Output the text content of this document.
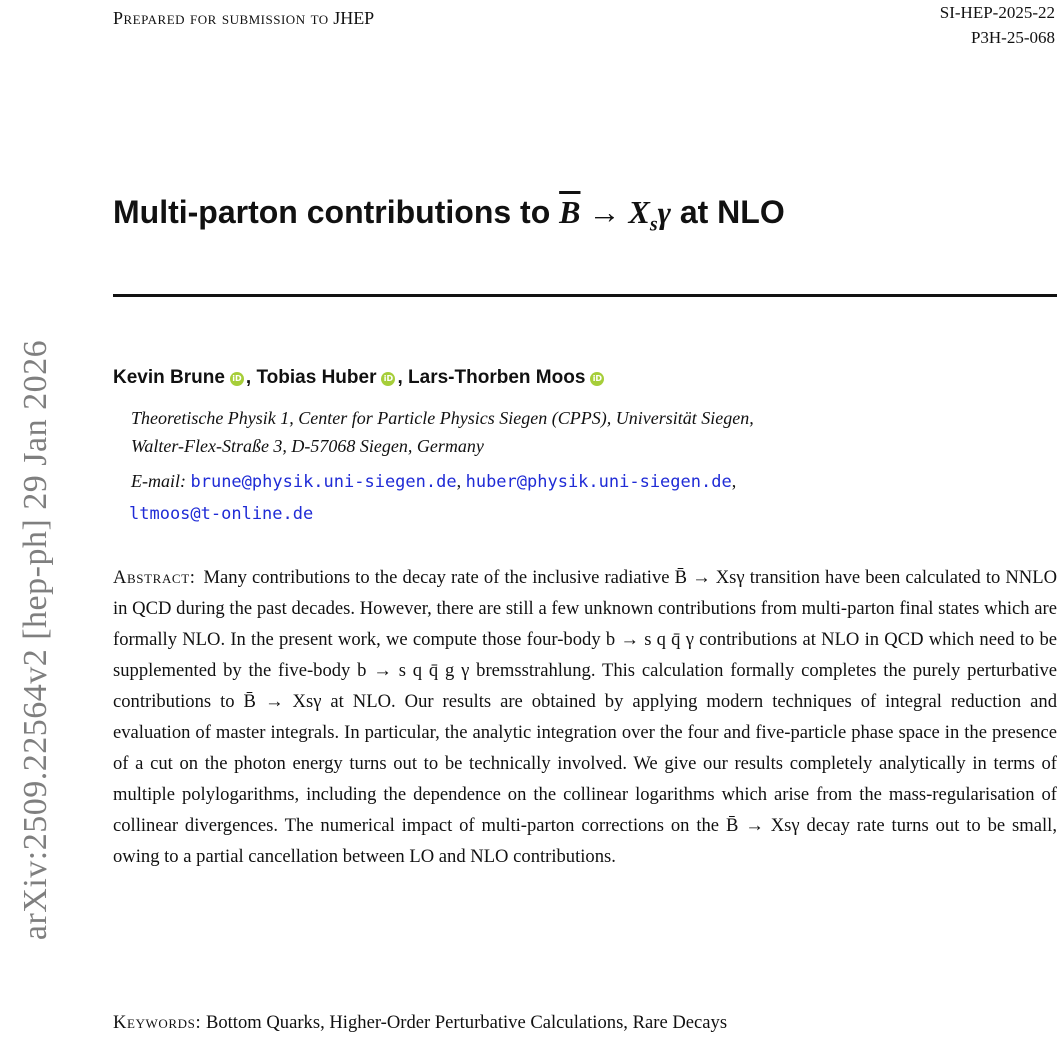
Prepared for submission to JHEP	SI-HEP-2025-22
P3H-25-068
arXiv:2509.22564v2 [hep-ph] 29 Jan 2026
Multi-parton contributions to $\overline{B} \to X_s\gamma$ at NLO
Kevin Brune iD , Tobias Huber iD , Lars-Thorben Moos iD
Theoretische Physik 1, Center for Particle Physics Siegen (CPPS), Universität Siegen,
Walter-Flex-Straße 3, D-57068 Siegen, Germany
E-mail: brune@physik.uni-siegen.de, huber@physik.uni-siegen.de,
ltmoos@t-online.de
Abstract: Many contributions to the decay rate of the inclusive radiative B̄ → Xsγ transition have been calculated to NNLO in QCD during the past decades. However, there are still a few unknown contributions from multi-parton final states which are formally NLO. In the present work, we compute those four-body b → s q q̄ γ contributions at NLO in QCD which need to be supplemented by the five-body b → s q q̄ g γ bremsstrahlung. This calculation formally completes the purely perturbative contributions to B̄ → Xsγ at NLO. Our results are obtained by applying modern techniques of integral reduction and evaluation of master integrals. In particular, the analytic integration over the four and five-particle phase space in the presence of a cut on the photon energy turns out to be technically involved. We give our results completely analytically in terms of multiple polylogarithms, including the dependence on the collinear logarithms which arise from the mass-regularisation of collinear divergences. The numerical impact of multi-parton corrections on the B̄ → Xsγ decay rate turns out to be small, owing to a partial cancellation between LO and NLO contributions.
Keywords: Bottom Quarks, Higher-Order Perturbative Calculations, Rare Decays
